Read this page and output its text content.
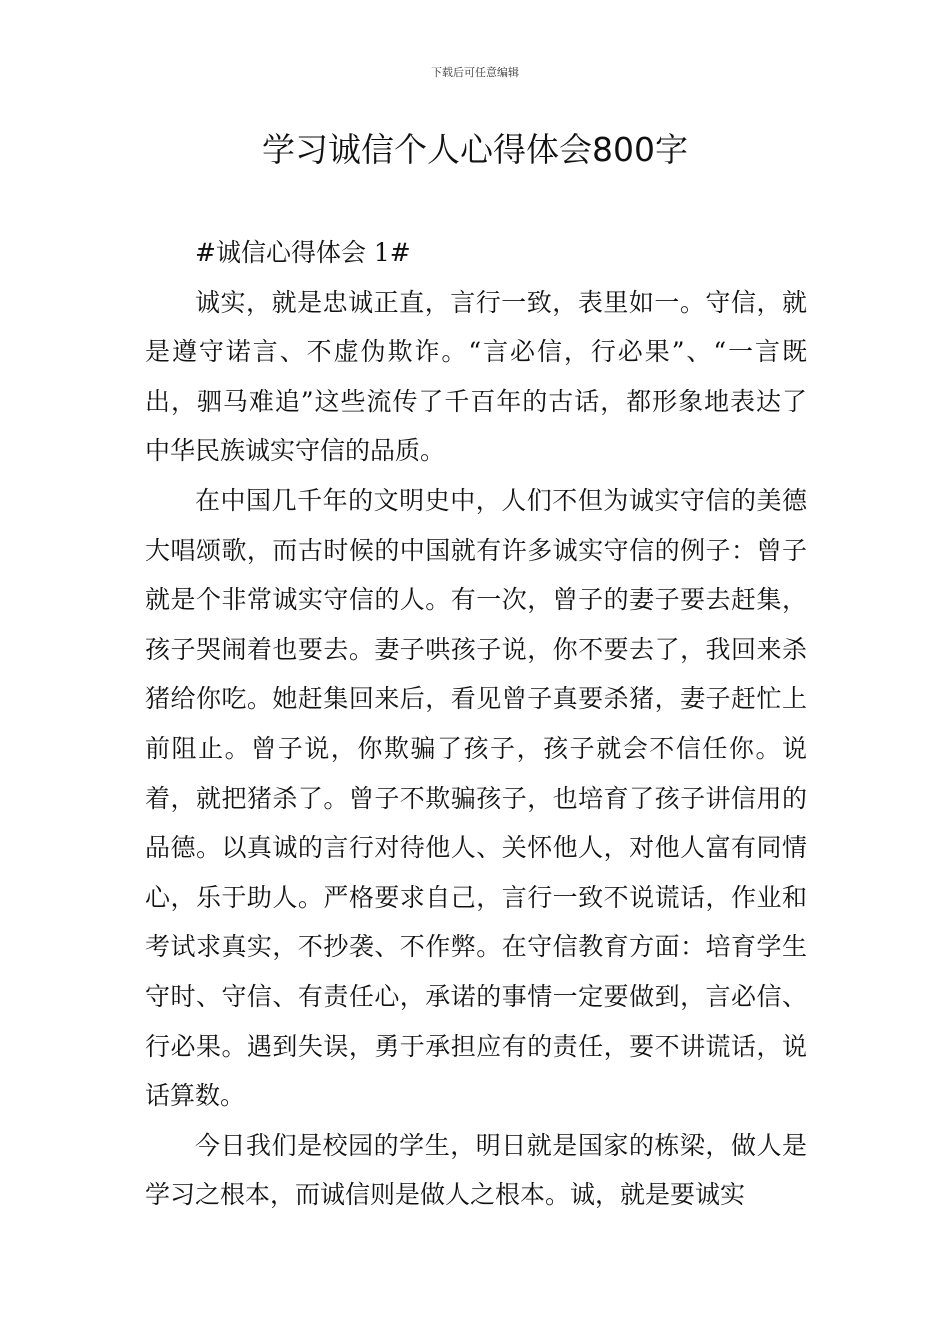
下载后可任意编辑
学习诚信个人心得体会800字

#诚信心得体会 1#

诚实，就是忠诚正直，言行一致，表里如一。守信，就是遵守诺言、不虚伪欺诈。“言必信，行必果”、“一言既出，驷马难追”这些流传了千百年的古话，都形象地表达了中华民族诚实守信的品质。

在中国几千年的文明史中，人们不但为诚实守信的美德大唱颂歌，而古时候的中国就有许多诚实守信的例子：曾子就是个非常诚实守信的人。有一次，曾子的妻子要去赶集，孩子哭闹着也要去。妻子哄孩子说，你不要去了，我回来杀猪给你吃。她赶集回来后，看见曾子真要杀猪，妻子赶忙上前阻止。曾子说，你欺骗了孩子，孩子就会不信任你。说着，就把猪杀了。曾子不欺骗孩子，也培育了孩子讲信用的品德。以真诚的言行对待他人、关怀他人，对他人富有同情心，乐于助人。严格要求自己，言行一致不说谎话，作业和考试求真实，不抄袭、不作弊。在守信教育方面：培育学生守时、守信、有责任心，承诺的事情一定要做到，言必信、行必果。遇到失误，勇于承担应有的责任，要不讲谎话，说话算数。

今日我们是校园的学生，明日就是国家的栋梁，做人是学习之根本，而诚信则是做人之根本。诚，就是要诚实
